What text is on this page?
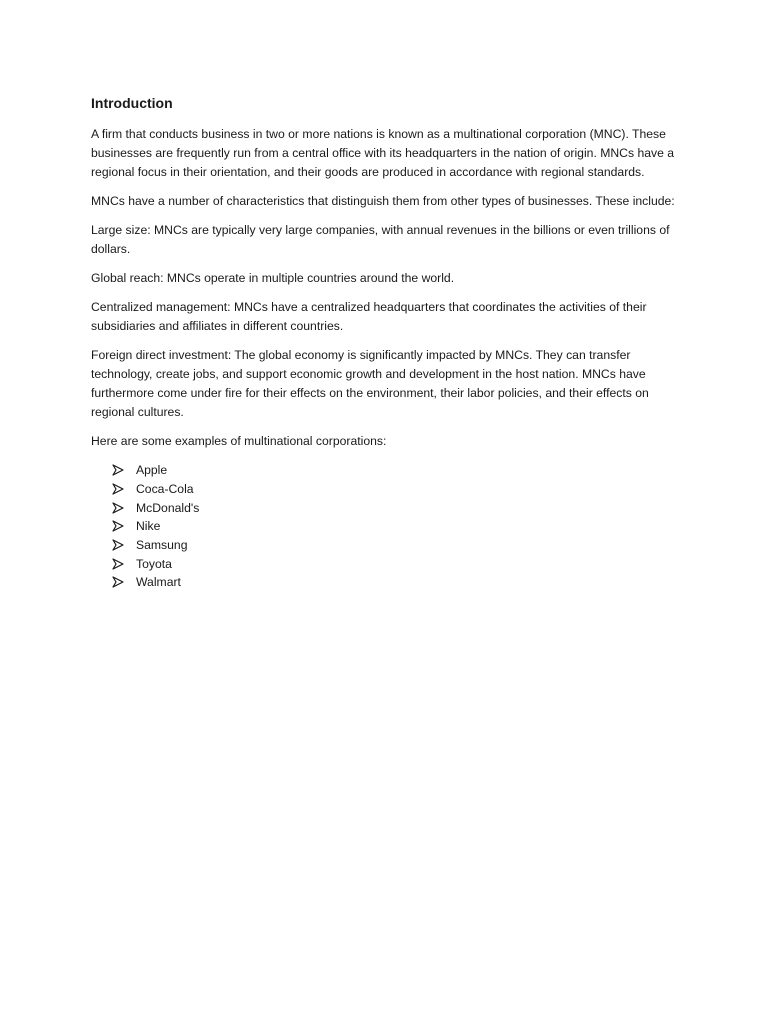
Introduction

A firm that conducts business in two or more nations is known as a multinational corporation (MNC). These businesses are frequently run from a central office with its headquarters in the nation of origin. MNCs have a regional focus in their orientation, and their goods are produced in accordance with regional standards.

MNCs have a number of characteristics that distinguish them from other types of businesses. These include:

Large size: MNCs are typically very large companies, with annual revenues in the billions or even trillions of dollars.

Global reach: MNCs operate in multiple countries around the world.

Centralized management: MNCs have a centralized headquarters that coordinates the activities of their subsidiaries and affiliates in different countries.

Foreign direct investment: The global economy is significantly impacted by MNCs. They can transfer technology, create jobs, and support economic growth and development in the host nation. MNCs have furthermore come under fire for their effects on the environment, their labor policies, and their effects on regional cultures.

Here are some examples of multinational corporations:

Apple
Coca-Cola
McDonald's
Nike
Samsung
Toyota
Walmart
